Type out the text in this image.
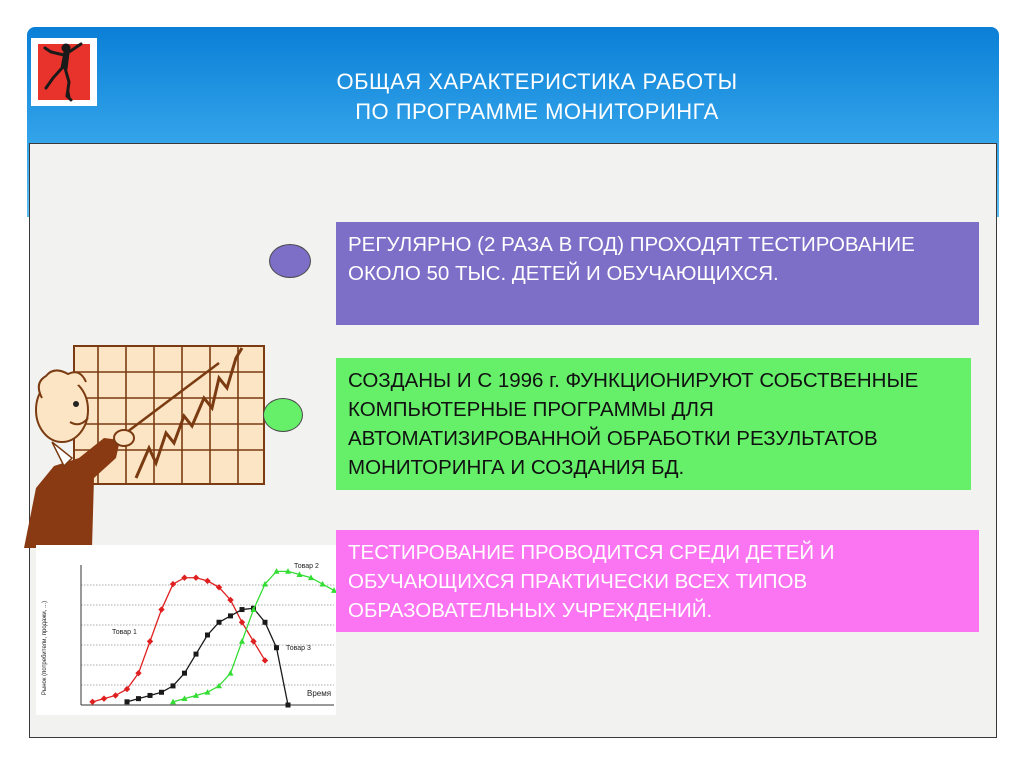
ОБЩАЯ ХАРАКТЕРИСТИКА РАБОТЫ
ПО ПРОГРАММЕ МОНИТОРИНГА
Товар 1
Товар 2
Товар 3
Время
Рынок (потребители, продажи, ...)
РЕГУЛЯРНО (2 РАЗА В ГОД) ПРОХОДЯТ ТЕСТИРОВАНИЕ ОКОЛО 50 ТЫС. ДЕТЕЙ И ОБУЧАЮЩИХСЯ.
СОЗДАНЫ И С 1996 г. ФУНКЦИОНИРУЮТ СОБСТВЕННЫЕ КОМПЬЮТЕРНЫЕ ПРОГРАММЫ ДЛЯ АВТОМАТИЗИРОВАННОЙ ОБРАБОТКИ РЕЗУЛЬТАТОВ МОНИТОРИНГА И СОЗДАНИЯ БД.
ТЕСТИРОВАНИЕ ПРОВОДИТСЯ СРЕДИ ДЕТЕЙ И ОБУЧАЮЩИХСЯ ПРАКТИЧЕСКИ ВСЕХ ТИПОВ ОБРАЗОВАТЕЛЬНЫХ УЧРЕЖДЕНИЙ.
